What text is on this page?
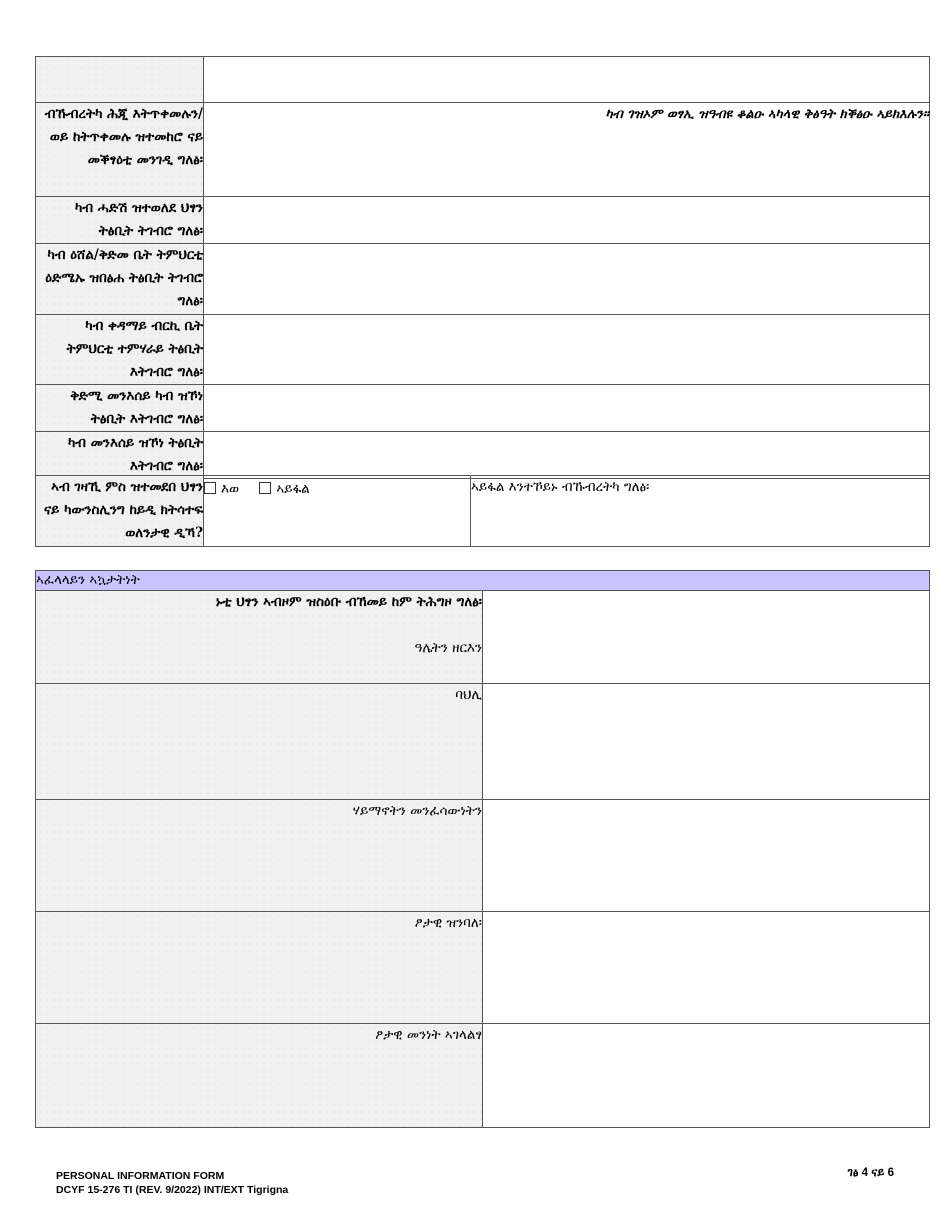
ብኹብረትካ ሕጂ እትጥቀመሉን/ወይ ከትጥቀመሉ ዝተመከሮ ናይ መቕፃዕቲ መንገዲ ግለፅ፡	ካብ ገዝኦም ወፃኢ ዝዓብዩ ቆልዑ ኣካላዊ ቅፅዓት ክቕፅዑ ኣይክእሉን፡፡

ካብ ሓድሽ ዝተወለደ ህፃን ትፅቢት ትገብሮ ግለፅ፡	
ካብ ዕሸል/ቅድመ ቤት ትምህርቲ ዕድሜኡ ዝበፅሐ ትፅቢት ትገብሮ ግለፅ፡	
ካብ ቀዳማይ ብርኪ ቤት ትምህርቲ ተምሃራይ ትፅቢት እትገብሮ ግለፅ፡	
ቅድሚ መንእሰይ ካብ ዝኾነ ትፅቢት እትገብሮ ግለፅ፡	
ካብ መንእሰይ ዝኾነ ትፅቢት እትገብሮ ግለፅ፡	
ኣብ ገዛኺ ምስ ዝተመደበ ህፃን ናይ ካውንስሊንግ ከይዲ ክትሳተፍ ወለንታዊ ዲኻ?	እወ	ኣይፋል	ኣይፋል እንተኾይኑ ብኹብረትካ ግለፅ፡
ኣፈላላይን ኣኳታትነት	

ኑቲ ህፃን ኣብዞም ዝስዕቡ ብኸመይ ከም ትሕግዞ ግለፅ፡
ዓሌትን ዘርእን	

ባህሊ	
ሃይማኖትን መንፈሳውነትን	
ፆታዊ ዝንባለ፡	
ፆታዊ መንነት ኣገላልፃ	
PERSONAL INFORMATION FORM
DCYF 15-276 TI (REV. 9/2022) INT/EXT Tigrigna
ገፅ 4 ናይ 6
